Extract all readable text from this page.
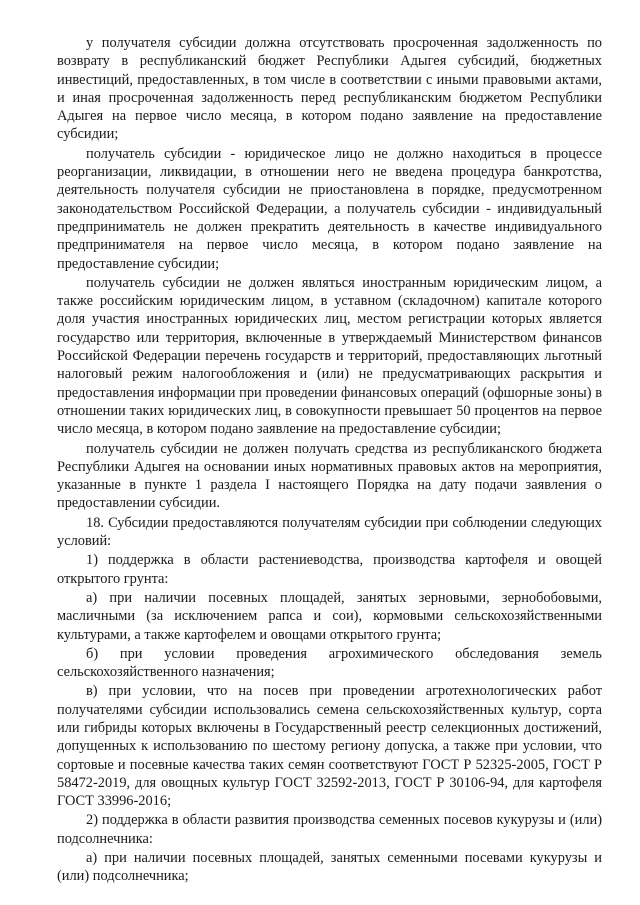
у получателя субсидии должна отсутствовать просроченная задолженность по возврату в республиканский бюджет Республики Адыгея субсидий, бюджетных инвестиций, предоставленных, в том числе в соответствии с иными правовыми актами, и иная просроченная задолженность перед республиканским бюджетом Республики Адыгея на первое число месяца, в котором подано заявление на предоставление субсидии;

получатель субсидии - юридическое лицо не должно находиться в процессе реорганизации, ликвидации, в отношении него не введена процедура банкротства, деятельность получателя субсидии не приостановлена в порядке, предусмотренном законодательством Российской Федерации, а получатель субсидии - индивидуальный предприниматель не должен прекратить деятельность в качестве индивидуального предпринимателя на первое число месяца, в котором подано заявление на предоставление субсидии;

получатель субсидии не должен являться иностранным юридическим лицом, а также российским юридическим лицом, в уставном (складочном) капитале которого доля участия иностранных юридических лиц, местом регистрации которых является государство или территория, включенные в утверждаемый Министерством финансов Российской Федерации перечень государств и территорий, предоставляющих льготный налоговый режим налогообложения и (или) не предусматривающих раскрытия и предоставления информации при проведении финансовых операций (офшорные зоны) в отношении таких юридических лиц, в совокупности превышает 50 процентов на первое число месяца, в котором подано заявление на предоставление субсидии;

получатель субсидии не должен получать средства из республиканского бюджета Республики Адыгея на основании иных нормативных правовых актов на мероприятия, указанные в пункте 1 раздела I настоящего Порядка на дату подачи заявления о предоставлении субсидии.

18. Субсидии предоставляются получателям субсидии при соблюдении следующих условий:

1) поддержка в области растениеводства, производства картофеля и овощей открытого грунта:

а) при наличии посевных площадей, занятых зерновыми, зернобобовыми, масличными (за исключением рапса и сои), кормовыми сельскохозяйственными культурами, а также картофелем и овощами открытого грунта;

б) при условии проведения агрохимического обследования земель сельскохозяйственного назначения;

в) при условии, что на посев при проведении агротехнологических работ получателями субсидии использовались семена сельскохозяйственных культур, сорта или гибриды которых включены в Государственный реестр селекционных достижений, допущенных к использованию по шестому региону допуска, а также при условии, что сортовые и посевные качества таких семян соответствуют ГОСТ Р 52325-2005, ГОСТ Р 58472-2019, для овощных культур ГОСТ 32592-2013, ГОСТ Р 30106-94, для картофеля ГОСТ 33996-2016;

2) поддержка в области развития производства семенных посевов кукурузы и (или) подсолнечника:

а) при наличии посевных площадей, занятых семенными посевами кукурузы и (или) подсолнечника;
